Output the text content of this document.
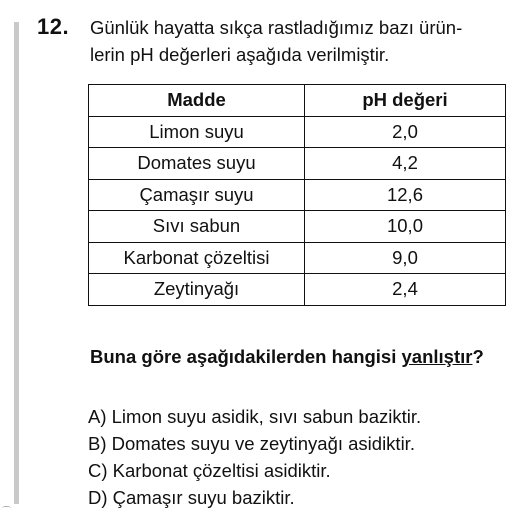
⌒
12. Günlük hayatta sıkça rastladığımız bazı ürün-
lerin pH değerleri aşağıda verilmiştir.
Madde	pH değeri
Limon suyu	2,0
Domates suyu	4,2
Çamaşır suyu	12,6
Sıvı sabun	10,0
Karbonat çözeltisi	9,0
Zeytinyağı	2,4
Buna göre aşağıdakilerden hangisi yanlıştır?
A) Limon suyu asidik, sıvı sabun baziktir.
B) Domates suyu ve zeytinyağı asidiktir.
C) Karbonat çözeltisi asidiktir.
D) Çamaşır suyu baziktir.
